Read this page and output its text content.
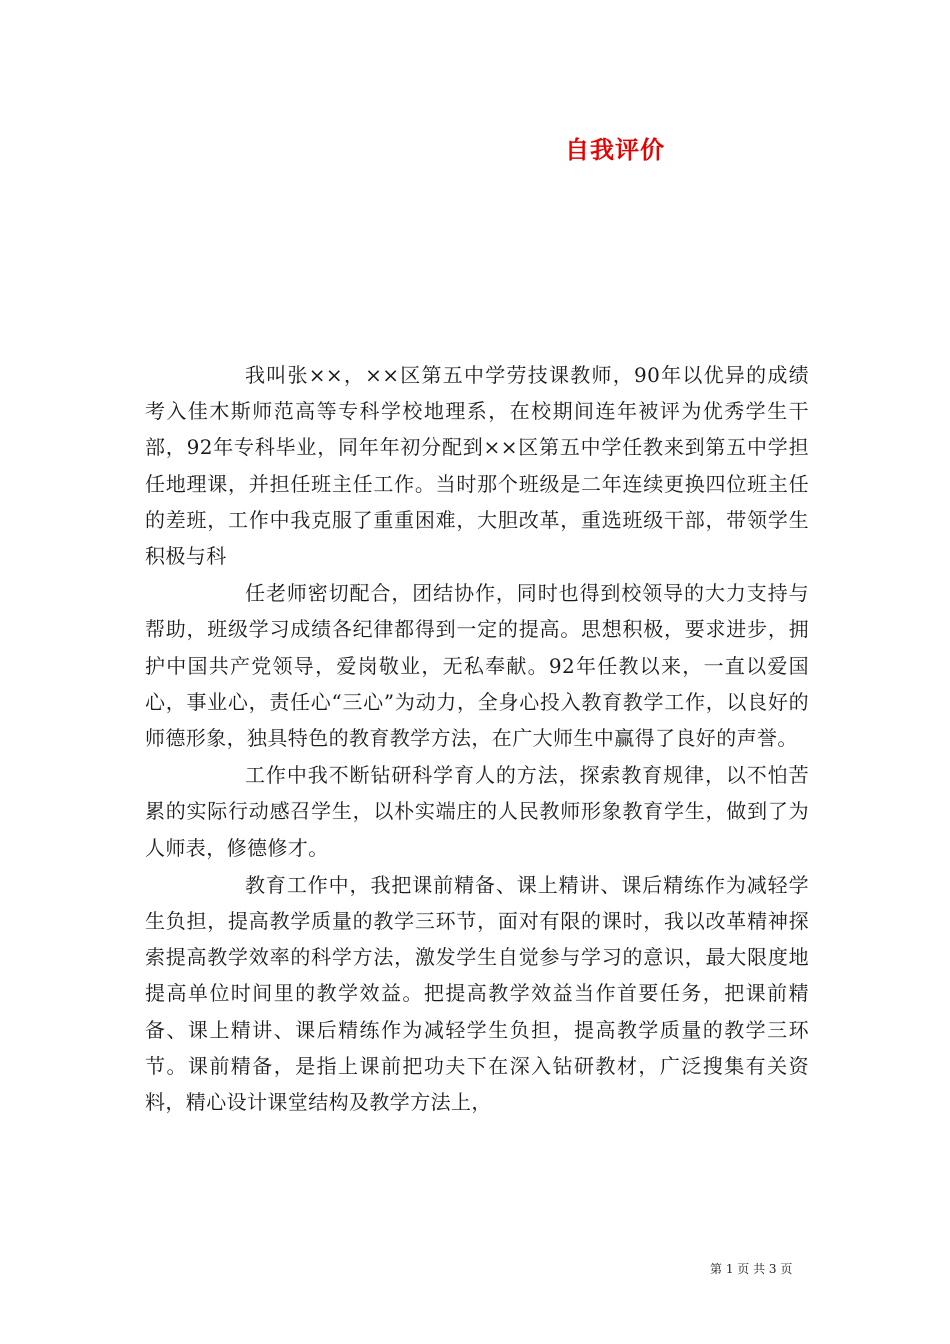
自我评价

我叫张××，××区第五中学劳技课教师，90年以优异的成绩考入佳木斯师范高等专科学校地理系，在校期间连年被评为优秀学生干部，92年专科毕业，同年年初分配到××区第五中学任教来到第五中学担任地理课，并担任班主任工作。当时那个班级是二年连续更换四位班主任的差班，工作中我克服了重重困难，大胆改革，重选班级干部，带领学生积极与科

任老师密切配合，团结协作，同时也得到校领导的大力支持与帮助，班级学习成绩各纪律都得到一定的提高。思想积极，要求进步，拥护中国共产党领导，爱岗敬业，无私奉献。92年任教以来，一直以爱国心，事业心，责任心“三心”为动力，全身心投入教育教学工作，以良好的师德形象，独具特色的教育教学方法，在广大师生中赢得了良好的声誉。

工作中我不断钻研科学育人的方法，探索教育规律，以不怕苦累的实际行动感召学生，以朴实端庄的人民教师形象教育学生，做到了为人师表，修德修才。

教育工作中，我把课前精备、课上精讲、课后精练作为减轻学生负担，提高教学质量的教学三环节，面对有限的课时，我以改革精神探索提高教学效率的科学方法，激发学生自觉参与学习的意识，最大限度地提高单位时间里的教学效益。把提高教学效益当作首要任务，把课前精备、课上精讲、课后精练作为减轻学生负担，提高教学质量的教学三环节。课前精备，是指上课前把功夫下在深入钻研教材，广泛搜集有关资料，精心设计课堂结构及教学方法上，

第 1 页 共 3 页
